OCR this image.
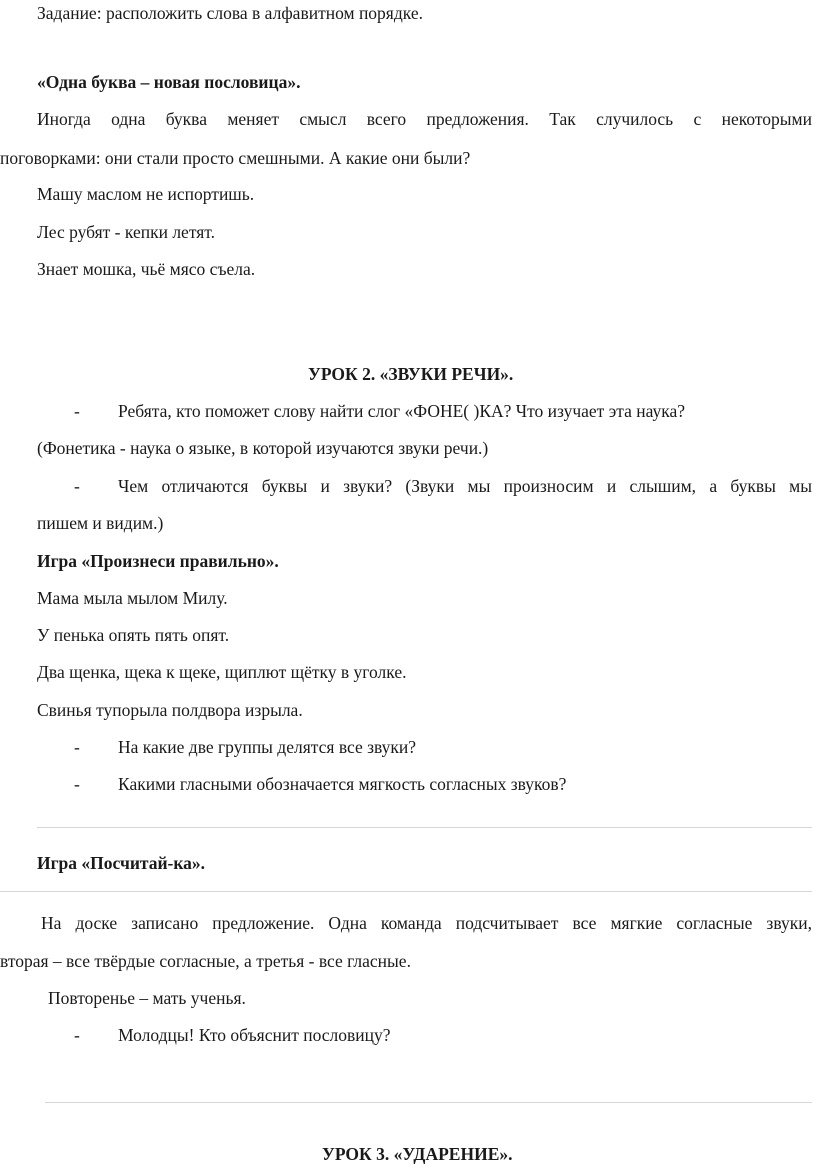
Задание: расположить слова в алфавитном порядке.
«Одна буква – новая пословица».
Иногда одна буква меняет смысл всего предложения. Так случилось с некоторыми
поговорками: они стали просто смешными. А какие они были?
Машу маслом не испортишь.
Лес рубят - кепки летят.
Знает мошка, чьё мясо съела.
УРОК 2. «ЗВУКИ РЕЧИ».
- Ребята, кто поможет слову найти слог «ФОНЕ( )КА? Что изучает эта наука?
(Фонетика - наука о языке, в которой изучаются звуки речи.)
- Чем отличаются буквы и звуки? (Звуки мы произносим и слышим, а буквы мы
пишем и видим.)
Игра «Произнеси правильно».
Мама мыла мылом Милу.
У пенька опять пять опят.
Два щенка, щека к щеке, щиплют щётку в уголке.
Свинья тупорыла полдвора изрыла.
- На какие две группы делятся все звуки?
- Какими гласными обозначается мягкость согласных звуков?
Игра «Посчитай-ка».
На доске записано предложение. Одна команда подсчитывает все мягкие согласные звуки,
вторая – все твёрдые согласные, а третья - все гласные.
Повторенье – мать ученья.
- Молодцы! Кто объяснит пословицу?
УРОК 3. «УДАРЕНИЕ».
